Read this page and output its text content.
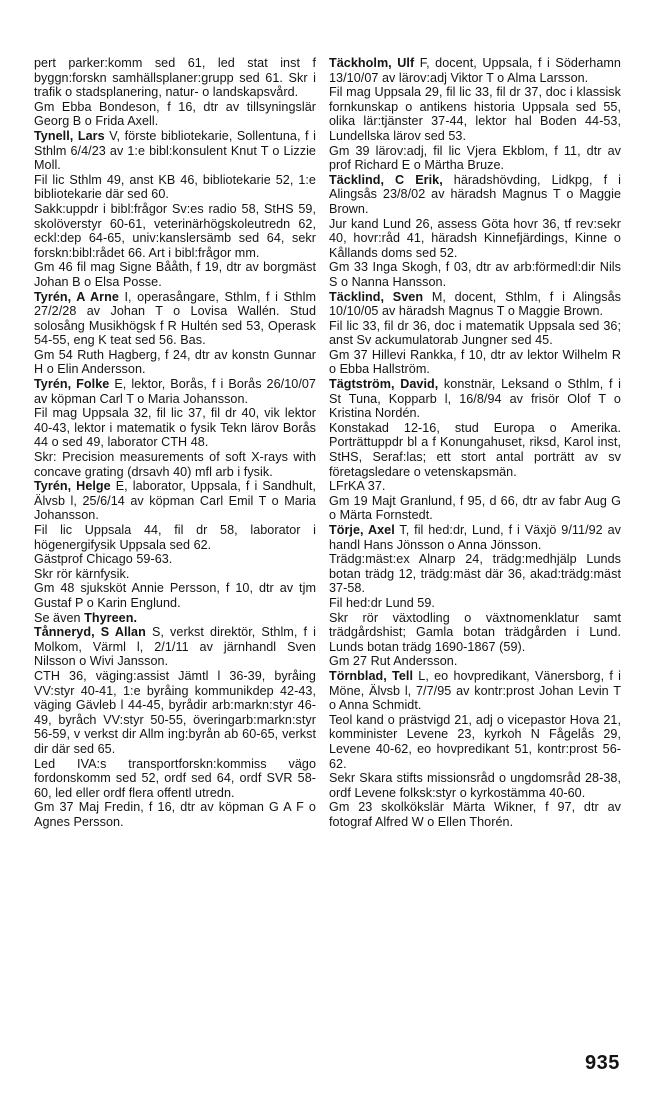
pert parker:komm sed 61, led stat inst f byggn:forskn samhällsplaner:grupp sed 61. Skr i trafik o stadsplanering, natur- o landskapsvård.

Gm Ebba Bondeson, f 16, dtr av tillsyningslär Georg B o Frida Axell.

Tynell, Lars V, förste bibliotekarie, Sollentuna, f i Sthlm 6/4/23 av 1:e bibl:konsulent Knut T o Lizzie Moll.

Fil lic Sthlm 49, anst KB 46, bibliotekarie 52, 1:e bibliotekarie där sed 60.

Sakk:uppdr i bibl:frågor Sv:es radio 58, StHS 59, skolöverstyr 60-61, veterinärhögskoleutredn 62, eckl:dep 64-65, univ:kanslersämb sed 64, sekr forskn:bibl:rådet 66. Art i bibl:frågor mm.

Gm 46 fil mag Signe Bååth, f 19, dtr av borgmäst Johan B o Elsa Posse.

Tyrén, A Arne I, operasångare, Sthlm, f i Sthlm 27/2/28 av Johan T o Lovisa Wallén. Stud solosång Musikhögsk f R Hultén sed 53, Operask 54-55, eng K teat sed 56. Bas.

Gm 54 Ruth Hagberg, f 24, dtr av konstn Gunnar H o Elin Andersson.

Tyrén, Folke E, lektor, Borås, f i Borås 26/10/07 av köpman Carl T o Maria Johansson.

Fil mag Uppsala 32, fil lic 37, fil dr 40, vik lektor 40-43, lektor i matematik o fysik Tekn lärov Borås 44 o sed 49, laborator CTH 48.

Skr: Precision measurements of soft X-rays with concave grating (drsavh 40) mfl arb i fysik.

Tyrén, Helge E, laborator, Uppsala, f i Sandhult, Älvsb l, 25/6/14 av köpman Carl Emil T o Maria Johansson.

Fil lic Uppsala 44, fil dr 58, laborator i högenergifysik Uppsala sed 62.

Gästprof Chicago 59-63.

Skr rör kärnfysik.

Gm 48 sjuksköt Annie Persson, f 10, dtr av tjm Gustaf P o Karin Englund.

Se även Thyreen.

Tånneryd, S Allan S, verkst direktör, Sthlm, f i Molkom, Värml l, 2/1/11 av järnhandl Sven Nilsson o Wivi Jansson.

CTH 36, väging:assist Jämtl l 36-39, byråing VV:styr 40-41, 1:e byråing kommunikdep 42-43, väging Gävleb l 44-45, byrådir arb:markn:styr 46-49, byråch VV:styr 50-55, överingarb:markn:styr 56-59, v verkst dir Allm ing:byrån ab 60-65, verkst dir där sed 65.

Led IVA:s transportforskn:kommiss vägo fordonskomm sed 52, ordf sed 64, ordf SVR 58-60, led eller ordf flera offentl utredn.

Gm 37 Maj Fredin, f 16, dtr av köpman G A F o Agnes Persson.

Täckholm, Ulf F, docent, Uppsala, f i Söderhamn 13/10/07 av lärov:adj Viktor T o Alma Larsson.

Fil mag Uppsala 29, fil lic 33, fil dr 37, doc i klassisk fornkunskap o antikens historia Uppsala sed 55, olika lär:tjänster 37-44, lektor hal Boden 44-53, Lundellska lärov sed 53.

Gm 39 lärov:adj, fil lic Vjera Ekblom, f 11, dtr av prof Richard E o Märtha Bruze.

Täcklind, C Erik, häradshövding, Lidkpg, f i Alingsås 23/8/02 av häradsh Magnus T o Maggie Brown.

Jur kand Lund 26, assess Göta hovr 36, tf rev:sekr 40, hovr:råd 41, häradsh Kinnefjärdings, Kinne o Kållands doms sed 52.

Gm 33 Inga Skogh, f 03, dtr av arb:förmedl:dir Nils S o Nanna Hansson.

Täcklind, Sven M, docent, Sthlm, f i Alingsås 10/10/05 av häradsh Magnus T o Maggie Brown.

Fil lic 33, fil dr 36, doc i matematik Uppsala sed 36; anst Sv ackumulatorab Jungner sed 45.

Gm 37 Hillevi Rankka, f 10, dtr av lektor Wilhelm R o Ebba Hallström.

Tägtström, David, konstnär, Leksand o Sthlm, f i St Tuna, Kopparb l, 16/8/94 av frisör Olof T o Kristina Nordén.

Konstakad 12-16, stud Europa o Amerika. Porträttuppdr bl a f Konungahuset, riksd, Karol inst, StHS, Seraf:las; ett stort antal porträtt av sv företagsledare o vetenskapsmän.

LFrKA 37.

Gm 19 Majt Granlund, f 95, d 66, dtr av fabr Aug G o Märta Fornstedt.

Törje, Axel T, fil hed:dr, Lund, f i Växjö 9/11/92 av handl Hans Jönsson o Anna Jönsson.

Trädg:mäst:ex Alnarp 24, trädg:medhjälp Lunds botan trädg 12, trädg:mäst där 36, akad:trädg:mäst 37-58.

Fil hed:dr Lund 59.

Skr rör växtodling o växtnomenklatur samt trädgårdshist; Gamla botan trädgården i Lund. Lunds botan trädg 1690-1867 (59).

Gm 27 Rut Andersson.

Törnblad, Tell L, eo hovpredikant, Vänersborg, f i Möne, Älvsb l, 7/7/95 av kontr:prost Johan Levin T o Anna Schmidt.

Teol kand o prästvigd 21, adj o vicepastor Hova 21, komminister Levene 23, kyrkoh N Fågelås 29, Levene 40-62, eo hovpredikant 51, kontr:prost 56-62.

Sekr Skara stifts missionsråd o ungdomsråd 28-38, ordf Levene folksk:styr o kyrkostämma 40-60.

Gm 23 skolkökslär Märta Wikner, f 97, dtr av fotograf Alfred W o Ellen Thorén.

935
